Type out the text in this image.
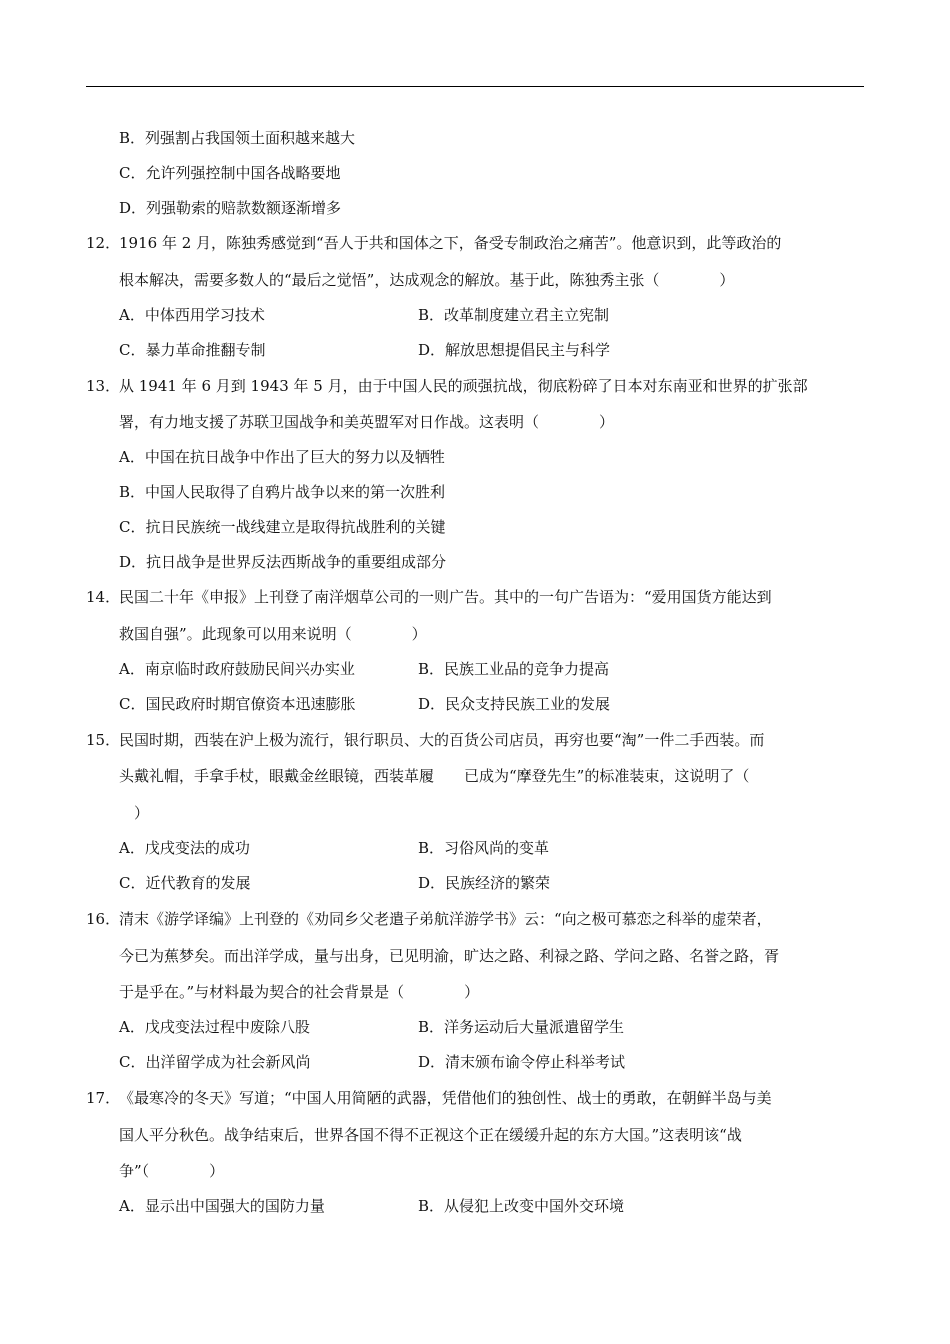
B．列强割占我国领土面积越来越大
C．允许列强控制中国各战略要地
D．列强勒索的赔款数额逐渐增多
12．
1916 年 2 月，陈独秀感觉到“吾人于共和国体之下，备受专制政治之痛苦”。他意识到，此等政治的
根本解决，需要多数人的“最后之觉悟”，达成观念的解放。基于此，陈独秀主张（　　　　）
A．中体西用学习技术	B．改革制度建立君主立宪制
C．暴力革命推翻专制	D．解放思想提倡民主与科学
13．
从 1941 年 6 月到 1943 年 5 月，由于中国人民的顽强抗战，彻底粉碎了日本对东南亚和世界的扩张部
署，有力地支援了苏联卫国战争和美英盟军对日作战。这表明（　　　　）
A．中国在抗日战争中作出了巨大的努力以及牺牲
B．中国人民取得了自鸦片战争以来的第一次胜利
C．抗日民族统一战线建立是取得抗战胜利的关键
D．抗日战争是世界反法西斯战争的重要组成部分
14．
民国二十年《申报》上刊登了南洋烟草公司的一则广告。其中的一句广告语为：“爱用国货方能达到
救国自强”。此现象可以用来说明（　　　　）
A．南京临时政府鼓励民间兴办实业	B．民族工业品的竞争力提高
C．国民政府时期官僚资本迅速膨胀	D．民众支持民族工业的发展
15．
民国时期，西装在沪上极为流行，银行职员、大的百货公司店员，再穷也要“淘”一件二手西装。而
头戴礼帽，手拿手杖，眼戴金丝眼镜，西装革履　　已成为“摩登先生”的标准装束，这说明了（
　）
A．戊戌变法的成功	B．习俗风尚的变革
C．近代教育的发展	D．民族经济的繁荣
16．
清末《游学译编》上刊登的《劝同乡父老遣子弟航洋游学书》云：“向之极可慕恋之科举的虚荣者，
今已为蕉梦矣。而出洋学成，量与出身，已见明渝，旷达之路、利禄之路、学问之路、名誉之路，胥
于是乎在。”与材料最为契合的社会背景是（　　　　）
A．戊戌变法过程中废除八股	B．洋务运动后大量派遣留学生
C．出洋留学成为社会新风尚	D．清末颁布谕令停止科举考试
17．
《最寒冷的冬天》写道；“中国人用简陋的武器，凭借他们的独创性、战士的勇敢，在朝鲜半岛与美
国人平分秋色。战争结束后，世界各国不得不正视这个正在缓缓升起的东方大国。”这表明该“战
争”（　　　　）
A．显示出中国强大的国防力量	B．从侵犯上改变中国外交环境
